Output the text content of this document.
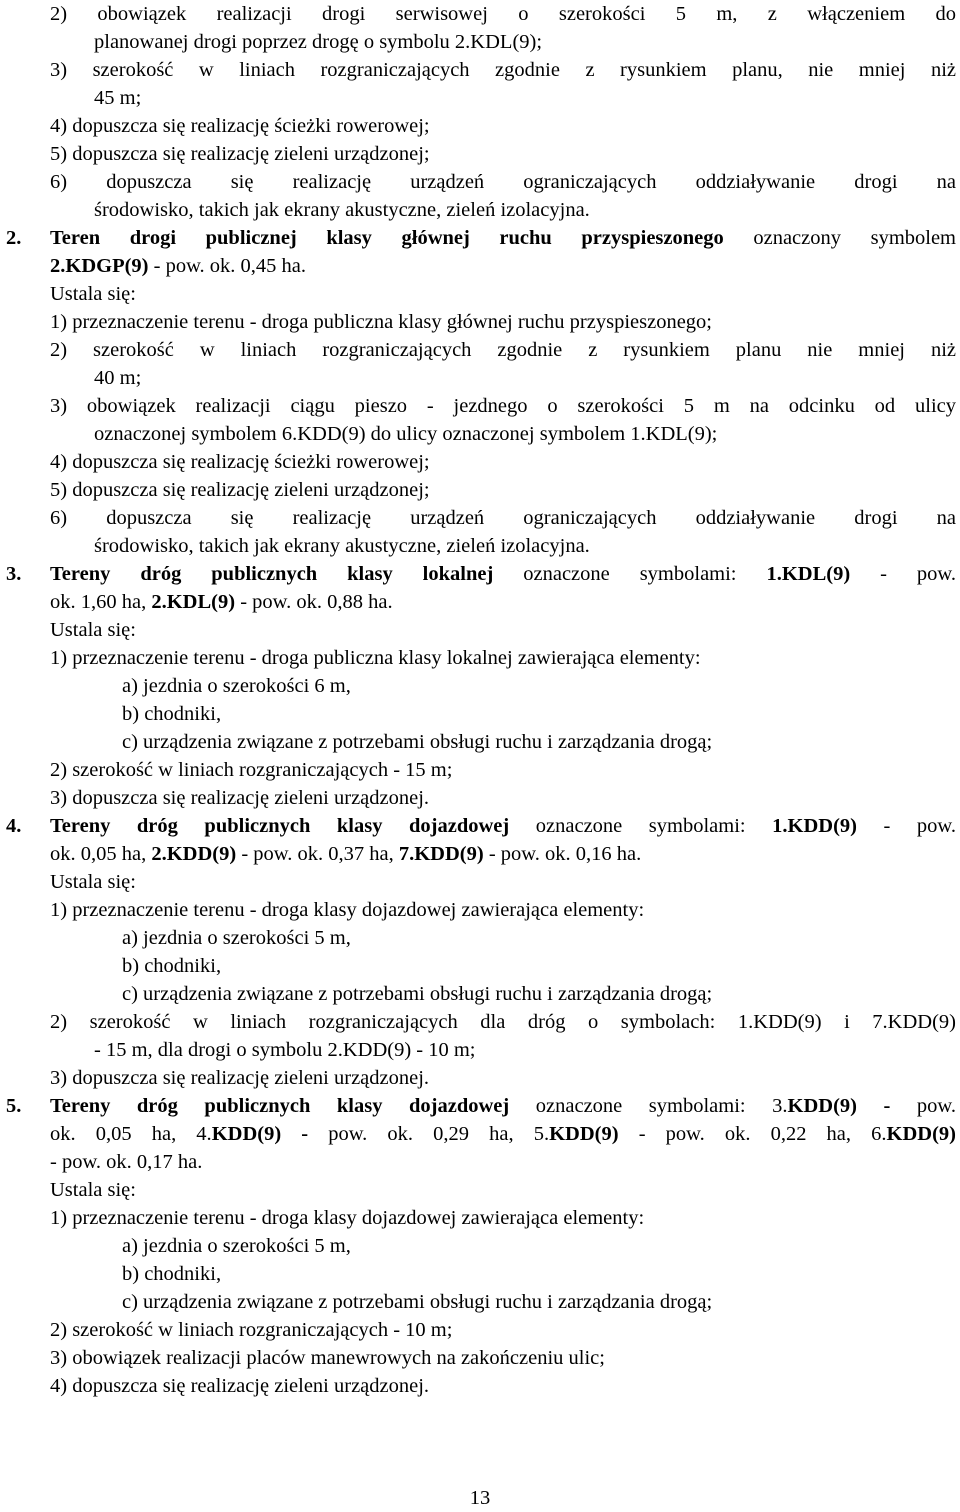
2) obowiązek realizacji drogi serwisowej o szerokości 5 m, z włączeniem do
planowanej drogi poprzez drogę o symbolu 2.KDL(9);
3) szerokość w liniach rozgraniczających zgodnie z rysunkiem planu, nie mniej niż
45 m;
4) dopuszcza się realizację ścieżki rowerowej;
5) dopuszcza się realizację zieleni urządzonej;
6) dopuszcza się realizację urządzeń ograniczających oddziaływanie drogi na
środowisko, takich jak ekrany akustyczne, zieleń izolacyjna.
2. Teren drogi publicznej klasy głównej ruchu przyspieszonego oznaczony symbolem
2.KDGP(9) - pow. ok. 0,45 ha.
Ustala się:
1) przeznaczenie terenu - droga publiczna klasy głównej ruchu przyspieszonego;
2) szerokość w liniach rozgraniczających zgodnie z rysunkiem planu nie mniej niż
40 m;
3) obowiązek realizacji ciągu pieszo - jezdnego o szerokości 5 m na odcinku od ulicy
oznaczonej symbolem 6.KDD(9) do ulicy oznaczonej symbolem 1.KDL(9);
4) dopuszcza się realizację ścieżki rowerowej;
5) dopuszcza się realizację zieleni urządzonej;
6) dopuszcza się realizację urządzeń ograniczających oddziaływanie drogi na
środowisko, takich jak ekrany akustyczne, zieleń izolacyjna.
3. Tereny dróg publicznych klasy lokalnej oznaczone symbolami: 1.KDL(9) - pow.
ok. 1,60 ha, 2.KDL(9) - pow. ok. 0,88 ha.
Ustala się:
1) przeznaczenie terenu - droga publiczna klasy lokalnej zawierająca elementy:
a) jezdnia o szerokości 6 m,
b) chodniki,
c) urządzenia związane z potrzebami obsługi ruchu i zarządzania drogą;
2) szerokość w liniach rozgraniczających - 15 m;
3) dopuszcza się realizację zieleni urządzonej.
4. Tereny dróg publicznych klasy dojazdowej oznaczone symbolami: 1.KDD(9) - pow.
ok. 0,05 ha, 2.KDD(9) - pow. ok. 0,37 ha, 7.KDD(9) - pow. ok. 0,16 ha.
Ustala się:
1) przeznaczenie terenu - droga klasy dojazdowej zawierająca elementy:
a) jezdnia o szerokości 5 m,
b) chodniki,
c) urządzenia związane z potrzebami obsługi ruchu i zarządzania drogą;
2) szerokość w liniach rozgraniczających dla dróg o symbolach: 1.KDD(9) i 7.KDD(9)
- 15 m, dla drogi o symbolu 2.KDD(9) - 10 m;
3) dopuszcza się realizację zieleni urządzonej.
5. Tereny dróg publicznych klasy dojazdowej oznaczone symbolami: 3.KDD(9) - pow.
ok. 0,05 ha, 4.KDD(9) - pow. ok. 0,29 ha, 5.KDD(9) - pow. ok. 0,22 ha, 6.KDD(9)
- pow. ok. 0,17 ha.
Ustala się:
1) przeznaczenie terenu - droga klasy dojazdowej zawierająca elementy:
a) jezdnia o szerokości 5 m,
b) chodniki,
c) urządzenia związane z potrzebami obsługi ruchu i zarządzania drogą;
2) szerokość w liniach rozgraniczających - 10 m;
3) obowiązek realizacji placów manewrowych na zakończeniu ulic;
4) dopuszcza się realizację zieleni urządzonej.
13
